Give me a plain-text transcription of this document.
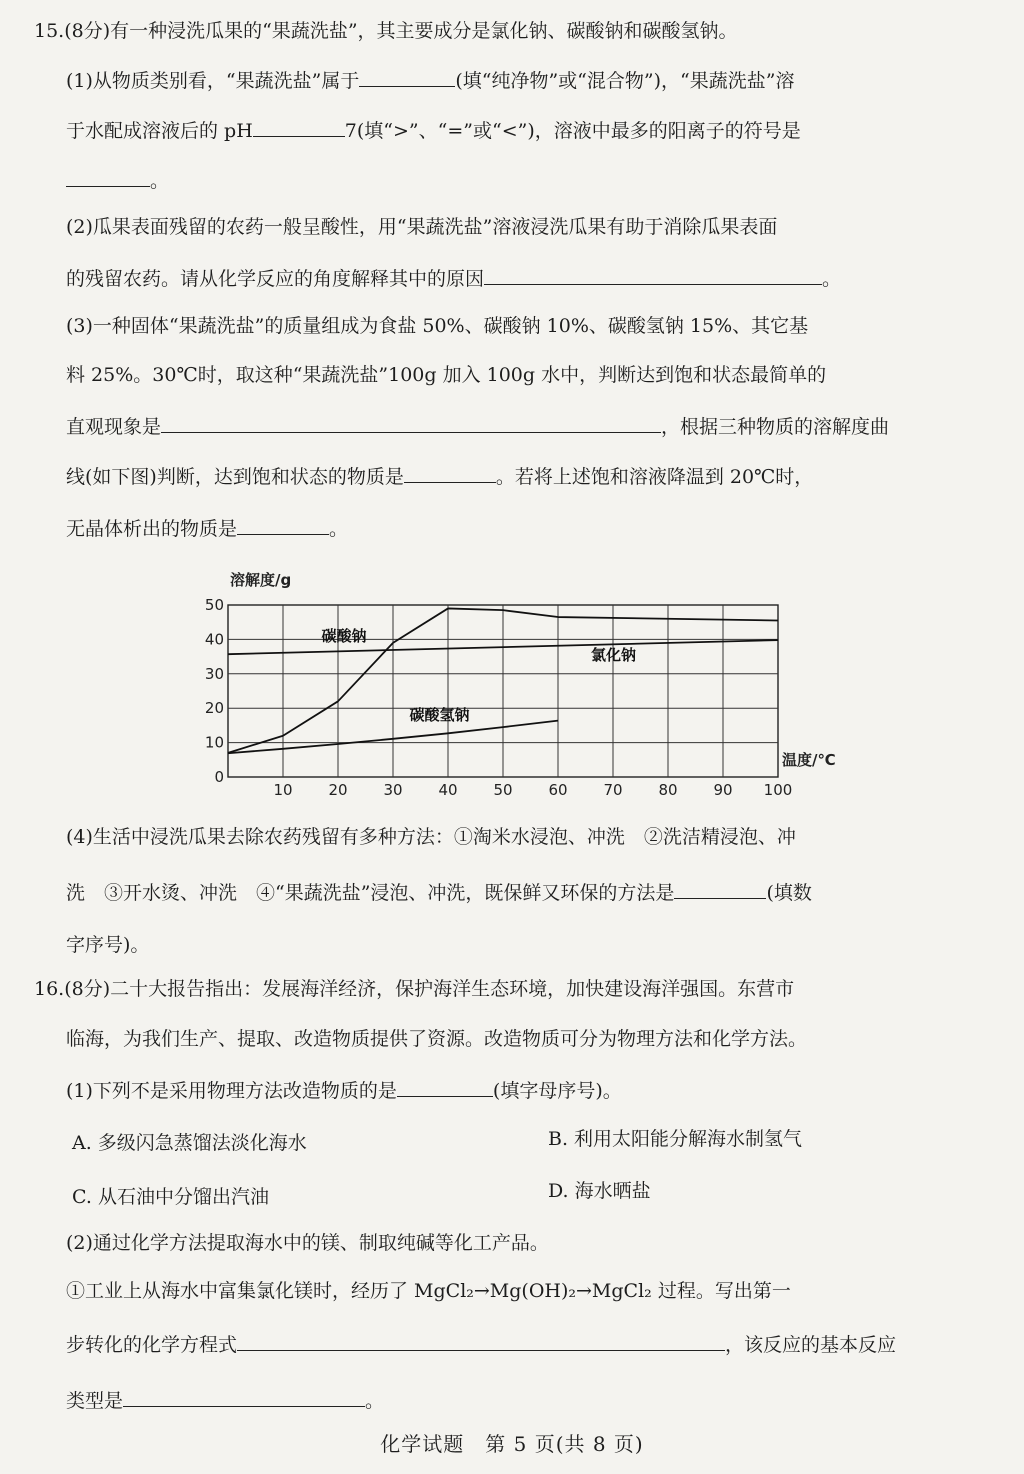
15.(8分)有一种浸洗瓜果的“果蔬洗盐”，其主要成分是氯化钠、碳酸钠和碳酸氢钠。
(1)从物质类别看，“果蔬洗盐”属于	(填“纯净物”或“混合物”)，“果蔬洗盐”溶
于水配成溶液后的 pH	7(填“>”、“=”或“<”)，溶液中最多的阳离子的符号是
。
(2)瓜果表面残留的农药一般呈酸性，用“果蔬洗盐”溶液浸洗瓜果有助于消除瓜果表面
的残留农药。请从化学反应的角度解释其中的原因	。
(3)一种固体“果蔬洗盐”的质量组成为食盐 50%、碳酸钠 10%、碳酸氢钠 15%、其它基
料 25%。30℃时，取这种“果蔬洗盐”100g 加入 100g 水中，判断达到饱和状态最简单的
直观现象是	，根据三种物质的溶解度曲
线(如下图)判断，达到饱和状态的物质是	。若将上述饱和溶液降温到 20℃时，
无晶体析出的物质是	。
10 20 30 40 50 60 70 80 90 100
0
10
20
30
40
50
溶解度/g
温度/℃
碳酸钠
氯化钠
碳酸氢钠
(4)生活中浸洗瓜果去除农药残留有多种方法：①淘米水浸泡、冲洗　②洗洁精浸泡、冲
洗　③开水烫、冲洗　④“果蔬洗盐”浸泡、冲洗，既保鲜又环保的方法是	(填数
字序号)。
16.(8分)二十大报告指出：发展海洋经济，保护海洋生态环境，加快建设海洋强国。东营市
临海，为我们生产、提取、改造物质提供了资源。改造物质可分为物理方法和化学方法。
(1)下列不是采用物理方法改造物质的是	(填字母序号)。
A. 多级闪急蒸馏法淡化海水	B. 利用太阳能分解海水制氢气
C. 从石油中分馏出汽油	D. 海水晒盐
(2)通过化学方法提取海水中的镁、制取纯碱等化工产品。
①工业上从海水中富集氯化镁时，经历了 MgCl₂→Mg(OH)₂→MgCl₂ 过程。写出第一
步转化的化学方程式	，该反应的基本反应
类型是	。
化学试题　第 5 页(共 8 页)
